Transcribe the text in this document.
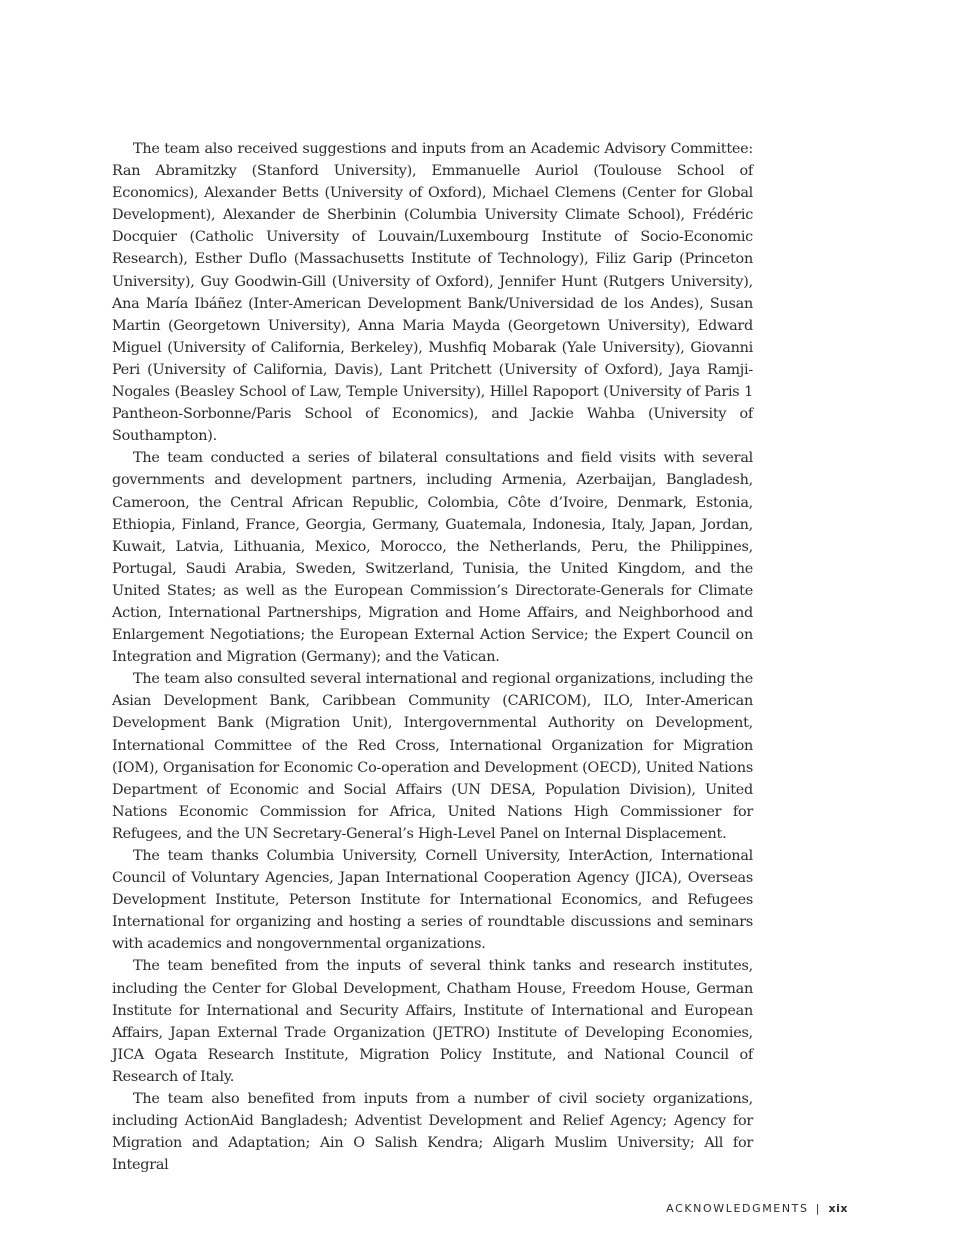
The team also received suggestions and inputs from an Academic Advisory Committee: Ran Abramitzky (Stanford University), Emmanuelle Auriol (Toulouse School of Economics), Alexander Betts (University of Oxford), Michael Clemens (Center for Global Development), Alexander de Sherbinin (Columbia University Climate School), Frédéric Docquier (Catholic University of Louvain/Luxembourg Institute of Socio-Economic Research), Esther Duflo (Massachusetts Institute of Technology), Filiz Garip (Princeton University), Guy Goodwin-Gill (University of Oxford), Jennifer Hunt (Rutgers University), Ana María Ibáñez (Inter-American Development Bank/Universidad de los Andes), Susan Martin (Georgetown University), Anna Maria Mayda (Georgetown University), Edward Miguel (University of California, Berkeley), Mushfiq Mobarak (Yale University), Giovanni Peri (University of California, Davis), Lant Pritchett (University of Oxford), Jaya Ramji-Nogales (Beasley School of Law, Temple University), Hillel Rapoport (University of Paris 1 Pantheon-Sorbonne/Paris School of Economics), and Jackie Wahba (University of Southampton).

The team conducted a series of bilateral consultations and field visits with several governments and development partners, including Armenia, Azerbaijan, Bangladesh, Cameroon, the Central African Republic, Colombia, Côte d’Ivoire, Denmark, Estonia, Ethiopia, Finland, France, Georgia, Germany, Guatemala, Indonesia, Italy, Japan, Jordan, Kuwait, Latvia, Lithuania, Mexico, Morocco, the Netherlands, Peru, the Philippines, Portugal, Saudi Arabia, Sweden, Switzerland, Tunisia, the United Kingdom, and the United States; as well as the European Commission’s Directorate-Generals for Climate Action, International Partnerships, Migration and Home Affairs, and Neighborhood and Enlargement Negotiations; the European External Action Service; the Expert Council on Integration and Migration (Germany); and the Vatican.

The team also consulted several international and regional organizations, including the Asian Development Bank, Caribbean Community (CARICOM), ILO, Inter-American Development Bank (Migration Unit), Intergovernmental Authority on Development, International Committee of the Red Cross, International Organization for Migration (IOM), Organisation for Economic Co-operation and Development (OECD), United Nations Department of Economic and Social Affairs (UN DESA, Population Division), United Nations Economic Commission for Africa, United Nations High Commissioner for Refugees, and the UN Secretary-General’s High-Level Panel on Internal Displacement.

The team thanks Columbia University, Cornell University, InterAction, International Council of Voluntary Agencies, Japan International Cooperation Agency (JICA), Overseas Development Institute, Peterson Institute for International Economics, and Refugees International for organizing and hosting a series of roundtable discussions and seminars with academics and nongovernmental organizations.

The team benefited from the inputs of several think tanks and research institutes, including the Center for Global Development, Chatham House, Freedom House, German Institute for International and Security Affairs, Institute of International and European Affairs, Japan External Trade Organization (JETRO) Institute of Developing Economies, JICA Ogata Research Institute, Migration Policy Institute, and National Council of Research of Italy.

The team also benefited from inputs from a number of civil society organizations, including ActionAid Bangladesh; Adventist Development and Relief Agency; Agency for Migration and Adaptation; Ain O Salish Kendra; Aligarh Muslim University; All for Integral

ACKNOWLEDGMENTS | xix
